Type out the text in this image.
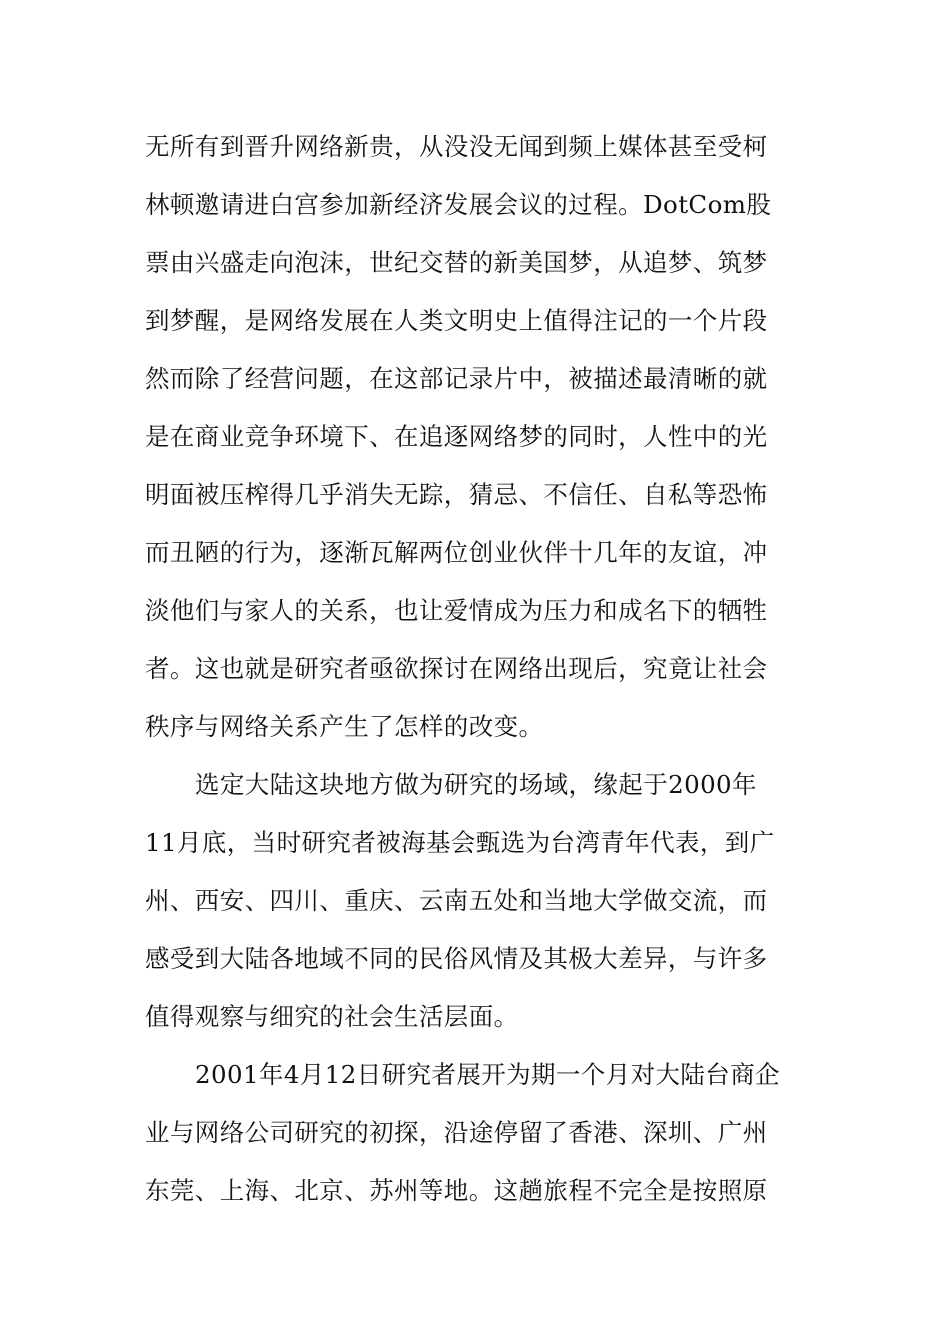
无所有到晋升网络新贵，从没没无闻到频上媒体甚至受柯
林顿邀请进白宫参加新经济发展会议的过程。DotCom股
票由兴盛走向泡沫，世纪交替的新美国梦，从追梦、筑梦
到梦醒，是网络发展在人类文明史上值得注记的一个片段
然而除了经营问题，在这部记录片中，被描述最清晰的就
是在商业竞争环境下、在追逐网络梦的同时，人性中的光
明面被压榨得几乎消失无踪，猜忌、不信任、自私等恐怖
而丑陋的行为，逐渐瓦解两位创业伙伴十几年的友谊，冲
淡他们与家人的关系，也让爱情成为压力和成名下的牺牲
者。这也就是研究者亟欲探讨在网络出现后，究竟让社会
秩序与网络关系产生了怎样的改变。
选定大陆这块地方做为研究的场域，缘起于2000年
11月底，当时研究者被海基会甄选为台湾青年代表，到广
州、西安、四川、重庆、云南五处和当地大学做交流，而
感受到大陆各地域不同的民俗风情及其极大差异，与许多
值得观察与细究的社会生活层面。
2001年4月12日研究者展开为期一个月对大陆台商企
业与网络公司研究的初探，沿途停留了香港、深圳、广州
东莞、上海、北京、苏州等地。这趟旅程不完全是按照原
